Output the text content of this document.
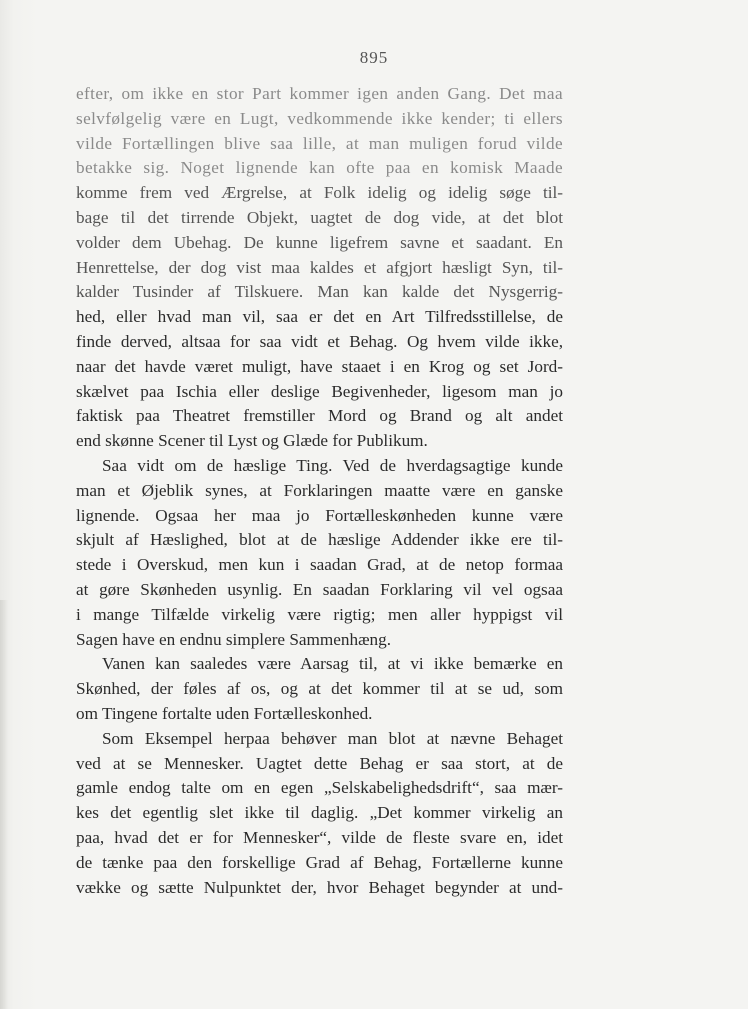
895
efter, om ikke en stor Part kommer igen anden Gang. Det maa
selvfølgelig være en Lugt, vedkommende ikke kender; ti ellers
vilde Fortællingen blive saa lille, at man muligen forud vilde
betakke sig. Noget lignende kan ofte paa en komisk Maade
komme frem ved Ærgrelse, at Folk idelig og idelig søge til-
bage til det tirrende Objekt, uagtet de dog vide, at det blot
volder dem Ubehag. De kunne ligefrem savne et saadant. En
Henrettelse, der dog vist maa kaldes et afgjort hæsligt Syn, til-
kalder Tusinder af Tilskuere. Man kan kalde det Nysgerrig-
hed, eller hvad man vil, saa er det en Art Tilfredsstillelse, de
finde derved, altsaa for saa vidt et Behag. Og hvem vilde ikke,
naar det havde været muligt, have staaet i en Krog og set Jord-
skælvet paa Ischia eller deslige Begivenheder, ligesom man jo
faktisk paa Theatret fremstiller Mord og Brand og alt andet
end skønne Scener til Lyst og Glæde for Publikum.
Saa vidt om de hæslige Ting. Ved de hverdagsagtige kunde
man et Øjeblik synes, at Forklaringen maatte være en ganske
lignende. Ogsaa her maa jo Fortælleskønheden kunne være
skjult af Hæslighed, blot at de hæslige Addender ikke ere til-
stede i Overskud, men kun i saadan Grad, at de netop formaa
at gøre Skønheden usynlig. En saadan Forklaring vil vel ogsaa
i mange Tilfælde virkelig være rigtig; men aller hyppigst vil
Sagen have en endnu simplere Sammenhæng.
Vanen kan saaledes være Aarsag til, at vi ikke bemærke en
Skønhed, der føles af os, og at det kommer til at se ud, som
om Tingene fortalte uden Fortælleskonhed.
Som Eksempel herpaa behøver man blot at nævne Behaget
ved at se Mennesker. Uagtet dette Behag er saa stort, at de
gamle endog talte om en egen „Selskabelighedsdrift“, saa mær-
kes det egentlig slet ikke til daglig. „Det kommer virkelig an
paa, hvad det er for Mennesker“, vilde de fleste svare en, idet
de tænke paa den forskellige Grad af Behag, Fortællerne kunne
vække og sætte Nulpunktet der, hvor Behaget begynder at und-
